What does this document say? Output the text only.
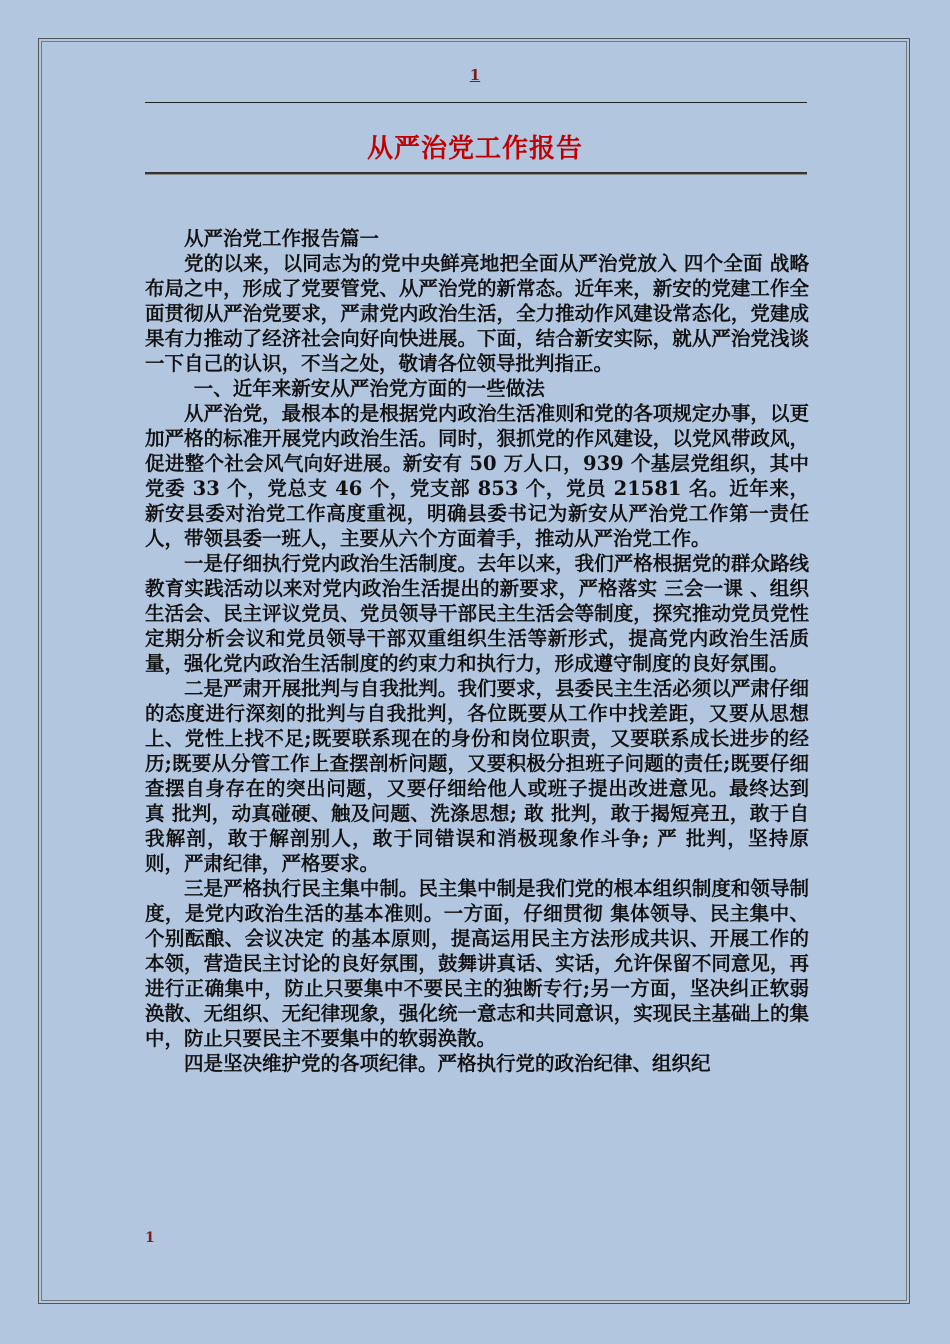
1
从严治党工作报告

从严治党工作报告篇一

党的以来，以同志为的党中央鲜亮地把全面从严治党放入 四个全面 战略布局之中，形成了党要管党、从严治党的新常态。近年来，新安的党建工作全面贯彻从严治党要求，严肃党内政治生活，全力推动作风建设常态化，党建成果有力推动了经济社会向好向快进展。下面，结合新安实际，就从严治党浅谈一下自己的认识，不当之处，敬请各位领导批判指正。

一、近年来新安从严治党方面的一些做法

从严治党，最根本的是根据党内政治生活准则和党的各项规定办事，以更加严格的标准开展党内政治生活。同时，狠抓党的作风建设，以党风带政风，促进整个社会风气向好进展。新安有 50 万人口，939 个基层党组织，其中党委 33 个，党总支 46 个，党支部 853 个，党员 21581 名。近年来，新安县委对治党工作高度重视，明确县委书记为新安从严治党工作第一责任人，带领县委一班人，主要从六个方面着手，推动从严治党工作。

一是仔细执行党内政治生活制度。去年以来，我们严格根据党的群众路线教育实践活动以来对党内政治生活提出的新要求，严格落实 三会一课 、组织生活会、民主评议党员、党员领导干部民主生活会等制度，探究推动党员党性定期分析会议和党员领导干部双重组织生活等新形式，提高党内政治生活质量，强化党内政治生活制度的约束力和执行力，形成遵守制度的良好氛围。

二是严肃开展批判与自我批判。我们要求，县委民主生活必须以严肃仔细的态度进行深刻的批判与自我批判，各位既要从工作中找差距，又要从思想上、党性上找不足;既要联系现在的身份和岗位职责，又要联系成长进步的经历;既要从分管工作上查摆剖析问题，又要积极分担班子问题的责任;既要仔细查摆自身存在的突出问题，又要仔细给他人或班子提出改进意见。最终达到 真 批判，动真碰硬、触及问题、洗涤思想; 敢 批判，敢于揭短亮丑，敢于自我解剖，敢于解剖别人，敢于同错误和消极现象作斗争; 严 批判，坚持原则，严肃纪律，严格要求。

三是严格执行民主集中制。民主集中制是我们党的根本组织制度和领导制度，是党内政治生活的基本准则。一方面，仔细贯彻 集体领导、民主集中、个别酝酿、会议决定 的基本原则，提高运用民主方法形成共识、开展工作的本领，营造民主讨论的良好氛围，鼓舞讲真话、实话，允许保留不同意见，再进行正确集中，防止只要集中不要民主的独断专行;另一方面，坚决纠正软弱涣散、无组织、无纪律现象，强化统一意志和共同意识，实现民主基础上的集中，防止只要民主不要集中的软弱涣散。

四是坚决维护党的各项纪律。严格执行党的政治纪律、组织纪

1
